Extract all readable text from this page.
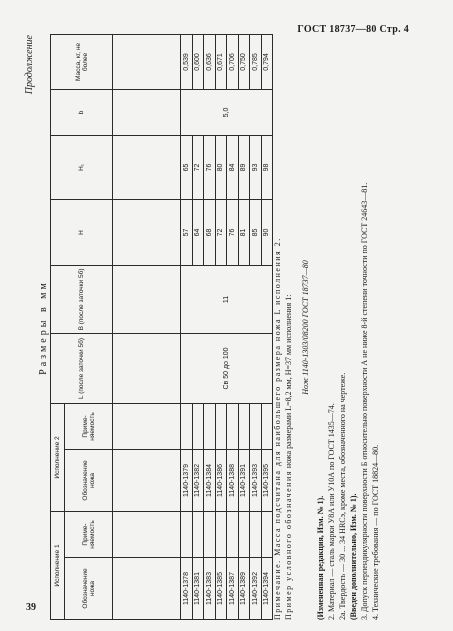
ГОСТ 18737—80 Стр. 4
Продолжение
Размеры в мм
Исполнение 1		Исполнение 2		L (после заточки 5б)	B (после заточки 5б)	H	H₁	b	Масса, кг, не более
Обозначение ножа	Приме-няемость	Обозначение ножа	Приме-няемость						

1140-1378		1140-1379		Св 50 до 100	11	57	65	5,0	0,539
1140-1381		1140-1382				64	72		0,600
1140-1383		1140-1384				68	76		0,636
1140-1385		1140-1386				72	80		0,671
1140-1387		1140-1388				76	84		0,706
1140-1389		1140-1391				81	89		0,750
1140-1392		1140-1393				85	93		0,785
1140-1394		1140-1395				90	98		0,794

Примечание. Масса подсчитана для наибольшего размера ножа L исполнения 2. Пример условного обозначения ножа размерами L=8,2 мм, H=37 мм исполнения 1: Нож 1140-1303/08200 ГОСТ 18737—80

(Измененная редакция, Изм. № 1). 2. Материал — сталь марки У8А или У10А по ГОСТ 1435—74. 2а. Твердость — 30 ... 34 HRCэ, кроме места, обозначенного на чертеже. (Введен дополнительно, Изм. № 1). 3. Допуск перпендикулярности поверхности Б относительно поверхности А не ниже 8-й степени точности по ГОСТ 24643—81. 4. Технические требования — по ГОСТ 18824—80.

39
